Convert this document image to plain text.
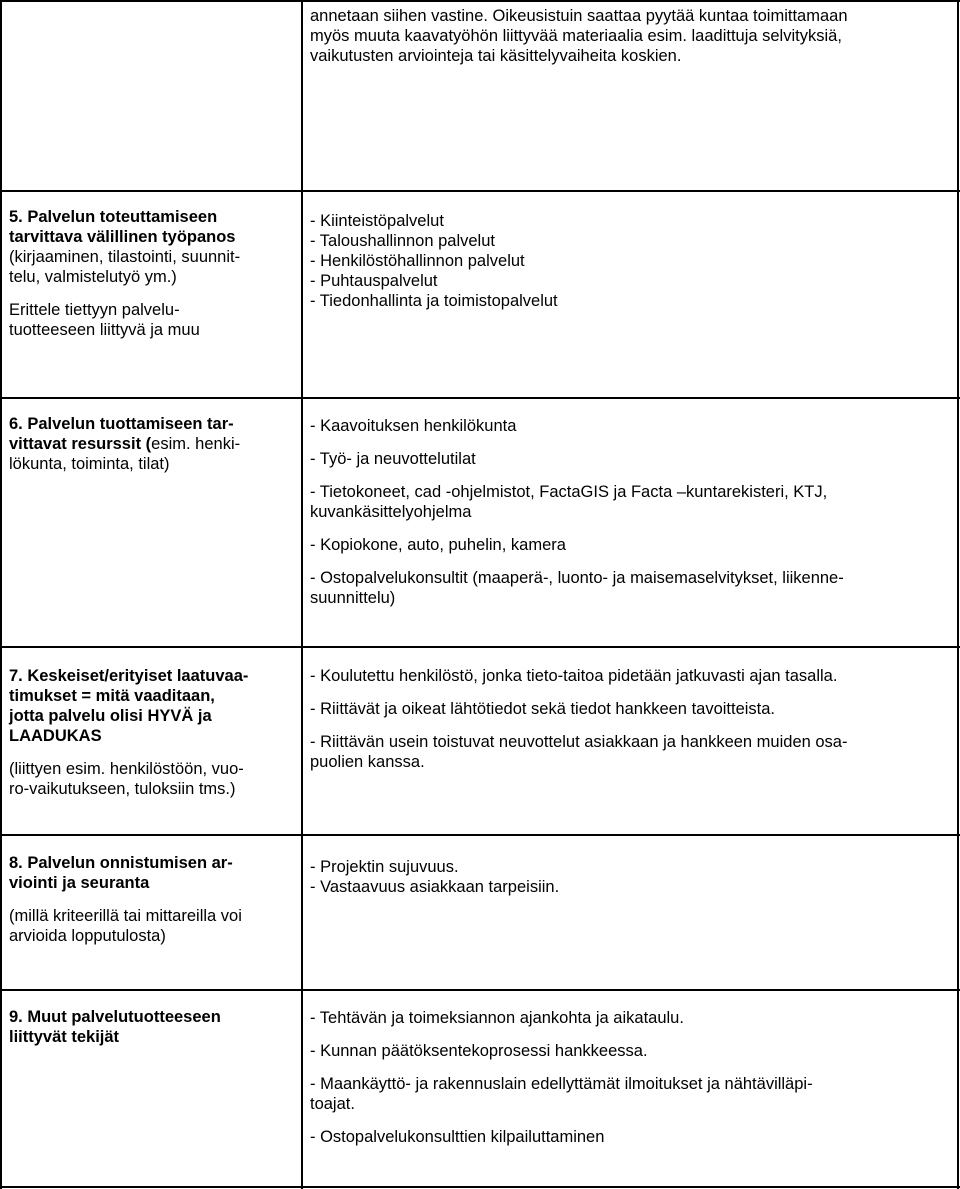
annetaan siihen vastine. Oikeusistuin saattaa pyytää kuntaa toimittamaan

myös muuta kaavatyöhön liittyvää materiaalia esim. laadittuja selvityksiä,

vaikutusten arviointeja tai käsittelyvaiheita koskien.

5. Palvelun toteuttamiseen

tarvittava välillinen työpanos

(kirjaaminen, tilastointi, suunnit-

telu, valmistelutyö ym.)

Erittele tiettyyn palvelu-

tuotteeseen liittyvä ja muu

- Kiinteistöpalvelut

- Taloushallinnon palvelut

- Henkilöstöhallinnon palvelut

- Puhtauspalvelut

- Tiedonhallinta ja toimistopalvelut

6. Palvelun tuottamiseen tar-

vittavat resurssit (esim. henki-

lökunta, toiminta, tilat)

- Kaavoituksen henkilökunta

- Työ- ja neuvottelutilat

- Tietokoneet, cad -ohjelmistot, FactaGIS ja Facta –kuntarekisteri, KTJ,

kuvankäsittelyohjelma

- Kopiokone, auto, puhelin, kamera

- Ostopalvelukonsultit (maaperä-, luonto- ja maisemaselvitykset, liikenne-

suunnittelu)

7. Keskeiset/erityiset laatuvaa-

timukset = mitä vaaditaan,

jotta palvelu olisi HYVÄ ja

LAADUKAS

(liittyen esim. henkilöstöön, vuo-

ro-vaikutukseen, tuloksiin tms.)

- Koulutettu henkilöstö, jonka tieto-taitoa pidetään jatkuvasti ajan tasalla.

- Riittävät ja oikeat lähtötiedot sekä tiedot hankkeen tavoitteista.

- Riittävän usein toistuvat neuvottelut asiakkaan ja hankkeen muiden osa-

puolien kanssa.

8. Palvelun onnistumisen ar-

viointi ja seuranta

(millä kriteerillä tai mittareilla voi

arvioida lopputulosta)

- Projektin sujuvuus.

- Vastaavuus asiakkaan tarpeisiin.

9. Muut palvelutuotteeseen

liittyvät tekijät

- Tehtävän ja toimeksiannon ajankohta ja aikataulu.

- Kunnan päätöksentekoprosessi hankkeessa.

- Maankäyttö- ja rakennuslain edellyttämät ilmoitukset ja nähtävilläpi-

toajat.

- Ostopalvelukonsulttien kilpailuttaminen
